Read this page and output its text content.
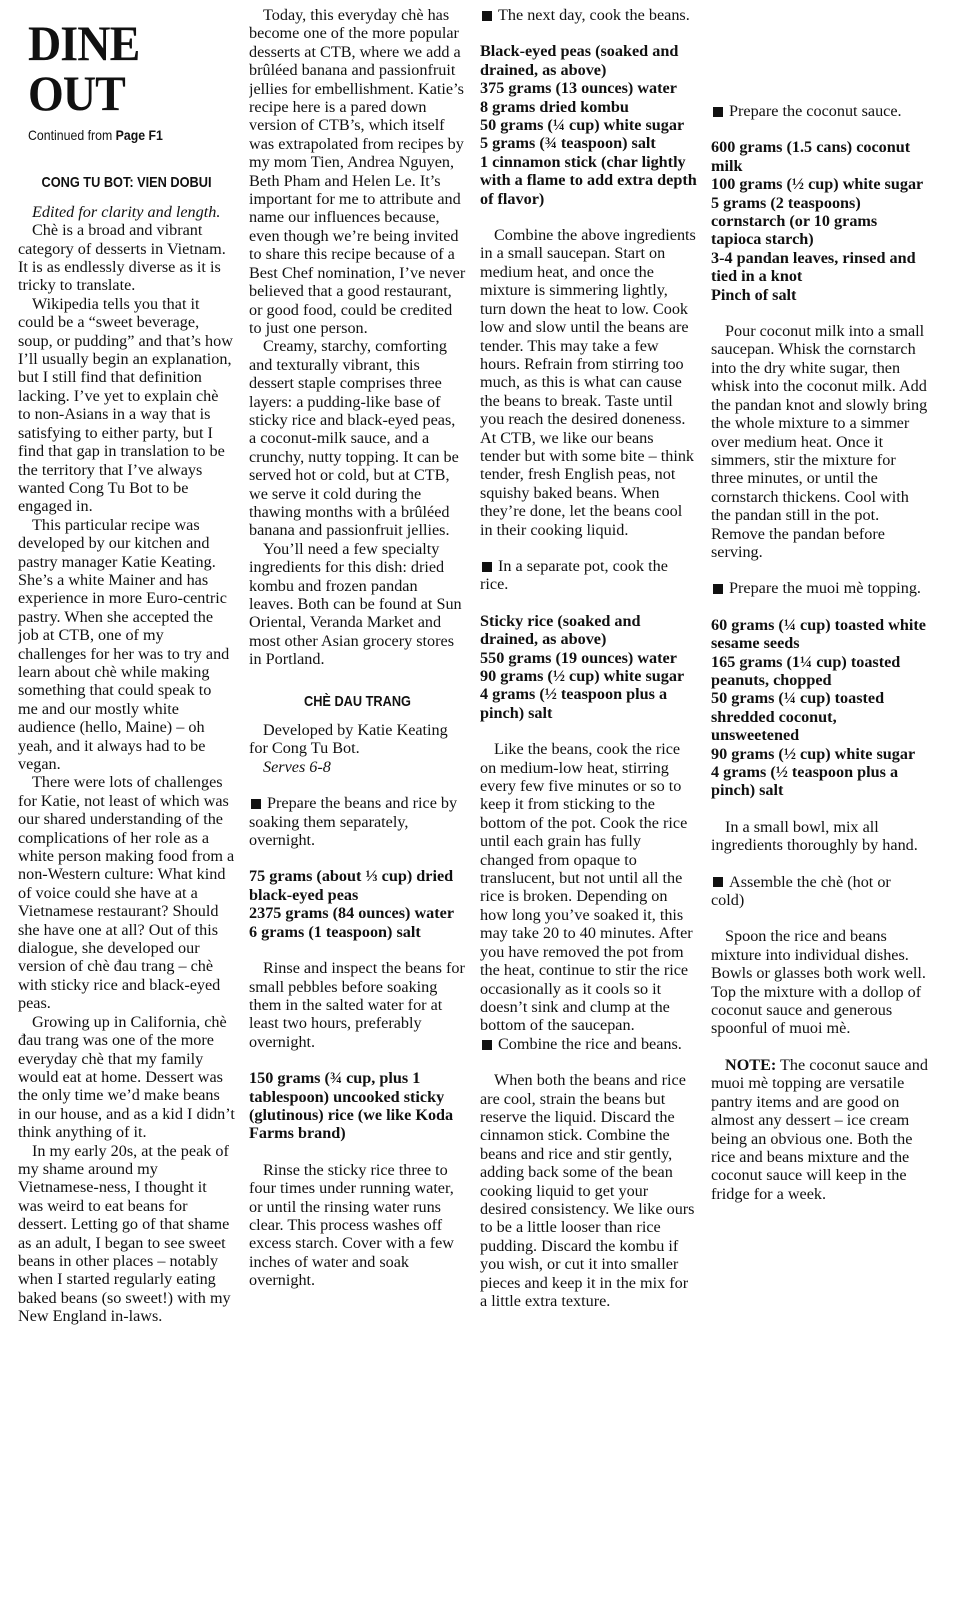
DINE OUT
Continued from Page F1
CONG TU BOT: VIEN DOBUI

Edited for clarity and length.

Chè is a broad and vibrant category of desserts in Vietnam. It is as endlessly diverse as it is tricky to translate.

Wikipedia tells you that it could be a “sweet beverage, soup, or pudding” and that’s how I’ll usually begin an explanation, but I still find that definition lacking. I’ve yet to explain chè to non-Asians in a way that is satisfying to either party, but I find that gap in translation to be the territory that I’ve always wanted Cong Tu Bot to be engaged in.

This particular recipe was developed by our kitchen and pastry manager Katie Keating. She’s a white Mainer and has experience in more Euro-centric pastry. When she accepted the job at CTB, one of my challenges for her was to try and learn about chè while making something that could speak to me and our mostly white audience (hello, Maine) – oh yeah, and it always had to be vegan.

There were lots of challenges for Katie, not least of which was our shared understanding of the complications of her role as a white person making food from a non-Western culture: What kind of voice could she have at a Vietnamese restaurant? Should she have one at all? Out of this dialogue, she developed our version of chè đau trang – chè with sticky rice and black-eyed peas.

Growing up in California, chè đau trang was one of the more everyday chè that my family would eat at home. Dessert was the only time we’d make beans in our house, and as a kid I didn’t think anything of it.

In my early 20s, at the peak of my shame around my Vietnamese-ness, I thought it was weird to eat beans for dessert. Letting go of that shame as an adult, I began to see sweet beans in other places – notably when I started regularly eating baked beans (so sweet!) with my New England in-laws.

Today, this everyday chè has become one of the more popular desserts at CTB, where we add a brûléed banana and passionfruit jellies for embellishment. Katie’s recipe here is a pared down version of CTB’s, which itself was extrapolated from recipes by my mom Tien, Andrea Nguyen, Beth Pham and Helen Le. It’s important for me to attribute and name our influences because, even though we’re being invited to share this recipe because of a Best Chef nomination, I’ve never believed that a good restaurant, or good food, could be credited to just one person.

Creamy, starchy, comforting and texturally vibrant, this dessert staple comprises three layers: a pudding-like base of sticky rice and black-eyed peas, a coconut-milk sauce, and a crunchy, nutty topping. It can be served hot or cold, but at CTB, we serve it cold during the thawing months with a brûléed banana and passionfruit jellies.

You’ll need a few specialty ingredients for this dish: dried kombu and frozen pandan leaves. Both can be found at Sun Oriental, Veranda Market and most other Asian grocery stores in Portland.

CHÈ DAU TRANG

Developed by Katie Keating for Cong Tu Bot.

Serves 6-8

Prepare the beans and rice by soaking them separately, overnight.

75 grams (about ⅓ cup) dried black-eyed peas

2375 grams (84 ounces) water

6 grams (1 teaspoon) salt

Rinse and inspect the beans for small pebbles before soaking them in the salted water for at least two hours, preferably overnight.

150 grams (¾ cup, plus 1 tablespoon) uncooked sticky (glutinous) rice (we like Koda Farms brand)

Rinse the sticky rice three to four times under running water, or until the rinsing water runs clear. This process washes off excess starch. Cover with a few inches of water and soak overnight.

The next day, cook the beans.

Black-eyed peas (soaked and drained, as above)

375 grams (13 ounces) water

8 grams dried kombu

50 grams (¼ cup) white sugar

5 grams (¾ teaspoon) salt

1 cinnamon stick (char lightly with a flame to add extra depth of flavor)

Combine the above ingredients in a small saucepan. Start on medium heat, and once the mixture is simmering lightly, turn down the heat to low. Cook low and slow until the beans are tender. This may take a few hours. Refrain from stirring too much, as this is what can cause the beans to break. Taste until you reach the desired doneness. At CTB, we like our beans tender but with some bite – think tender, fresh English peas, not squishy baked beans. When they’re done, let the beans cool in their cooking liquid.

In a separate pot, cook the rice.

Sticky rice (soaked and drained, as above)

550 grams (19 ounces) water

90 grams (½ cup) white sugar

4 grams (½ teaspoon plus a pinch) salt

Like the beans, cook the rice on medium-low heat, stirring every few five minutes or so to keep it from sticking to the bottom of the pot. Cook the rice until each grain has fully changed from opaque to translucent, but not until all the rice is broken. Depending on how long you’ve soaked it, this may take 20 to 40 minutes. After you have removed the pot from the heat, continue to stir the rice occasionally as it cools so it doesn’t sink and clump at the bottom of the saucepan.

Combine the rice and beans.

When both the beans and rice are cool, strain the beans but reserve the liquid. Discard the cinnamon stick. Combine the beans and rice and stir gently, adding back some of the bean cooking liquid to get your desired consistency. We like ours to be a little looser than rice pudding. Discard the kombu if you wish, or cut it into smaller pieces and keep it in the mix for a little extra texture.

Prepare the coconut sauce.

600 grams (1.5 cans) coconut milk

100 grams (½ cup) white sugar

5 grams (2 teaspoons) cornstarch (or 10 grams tapioca starch)

3-4 pandan leaves, rinsed and tied in a knot

Pinch of salt

Pour coconut milk into a small saucepan. Whisk the cornstarch into the dry white sugar, then whisk into the coconut milk. Add the pandan knot and slowly bring the whole mixture to a simmer over medium heat. Once it simmers, stir the mixture for three minutes, or until the cornstarch thickens. Cool with the pandan still in the pot. Remove the pandan before serving.

Prepare the muoi mè topping.

60 grams (¼ cup) toasted white sesame seeds

165 grams (1¼ cup) toasted peanuts, chopped

50 grams (¼ cup) toasted shredded coconut, unsweetened

90 grams (½ cup) white sugar

4 grams (½ teaspoon plus a pinch) salt

In a small bowl, mix all ingredients thoroughly by hand.

Assemble the chè (hot or cold)

Spoon the rice and beans mixture into individual dishes. Bowls or glasses both work well. Top the mixture with a dollop of coconut sauce and generous spoonful of muoi mè.

NOTE: The coconut sauce and muoi mè topping are versatile pantry items and are good on almost any dessert – ice cream being an obvious one. Both the rice and beans mixture and the coconut sauce will keep in the fridge for a week.
